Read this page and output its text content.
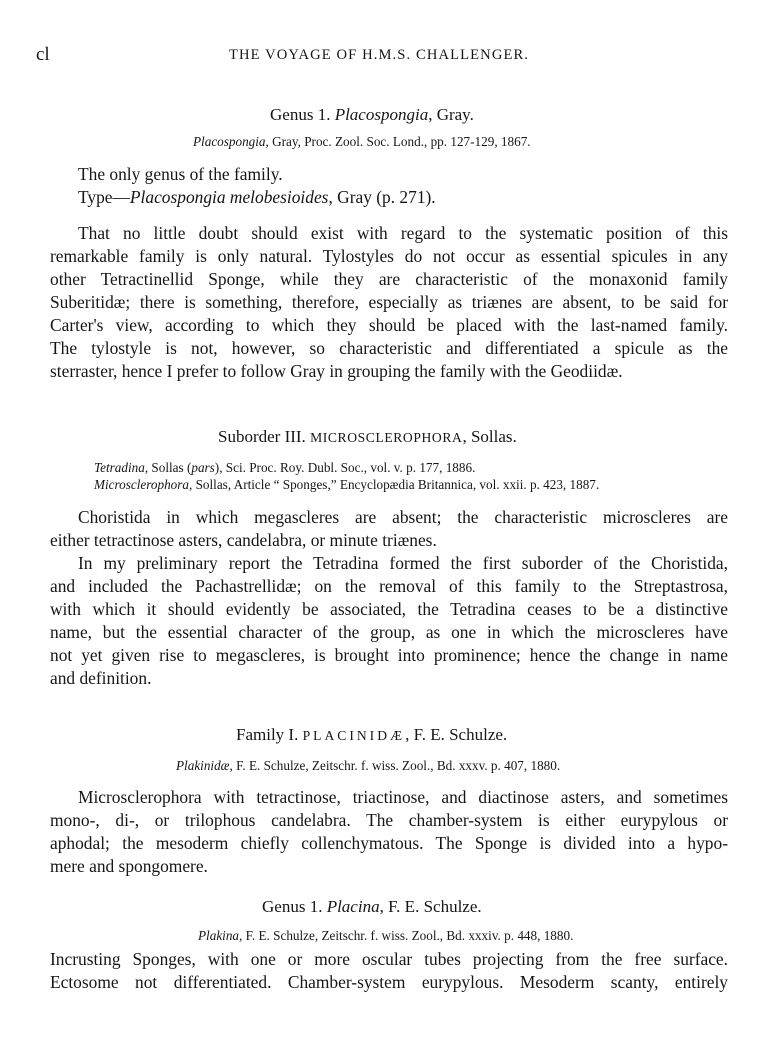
cl	THE VOYAGE OF H.M.S. CHALLENGER.
Genus 1. Placospongia, Gray.
Placospongia, Gray, Proc. Zool. Soc. Lond., pp. 127-129, 1867.
The only genus of the family.
Type—Placospongia melobesioides, Gray (p. 271).
That no little doubt should exist with regard to the systematic position of this
remarkable family is only natural. Tylostyles do not occur as essential spicules in any
other Tetractinellid Sponge, while they are characteristic of the monaxonid family
Suberitidæ; there is something, therefore, especially as triænes are absent, to be said for
Carter's view, according to which they should be placed with the last-named family.
The tylostyle is not, however, so characteristic and differentiated a spicule as the
sterraster, hence I prefer to follow Gray in grouping the family with the Geodiidæ.
Suborder III. MICROSCLEROPHORA, Sollas.
Tetradina, Sollas (pars), Sci. Proc. Roy. Dubl. Soc., vol. v. p. 177, 1886.
Microsclerophora, Sollas, Article “ Sponges,” Encyclopædia Britannica, vol. xxii. p. 423, 1887.
Choristida in which megascleres are absent; the characteristic microscleres are
either tetractinose asters, candelabra, or minute triænes.
In my preliminary report the Tetradina formed the first suborder of the Choristida,
and included the Pachastrellidæ; on the removal of this family to the Streptastrosa,
with which it should evidently be associated, the Tetradina ceases to be a distinctive
name, but the essential character of the group, as one in which the microscleres have
not yet given rise to megascleres, is brought into prominence; hence the change in name
and definition.
Family I. PLACINIDÆ, F. E. Schulze.
Plakinidæ, F. E. Schulze, Zeitschr. f. wiss. Zool., Bd. xxxv. p. 407, 1880.
Microsclerophora with tetractinose, triactinose, and diactinose asters, and sometimes
mono-, di-, or trilophous candelabra. The chamber-system is either eurypylous or
aphodal; the mesoderm chiefly collenchymatous. The Sponge is divided into a hypo-
mere and spongomere.
Genus 1. Placina, F. E. Schulze.
Plakina, F. E. Schulze, Zeitschr. f. wiss. Zool., Bd. xxxiv. p. 448, 1880.
Incrusting Sponges, with one or more oscular tubes projecting from the free surface.
Ectosome not differentiated. Chamber-system eurypylous. Mesoderm scanty, entirely
